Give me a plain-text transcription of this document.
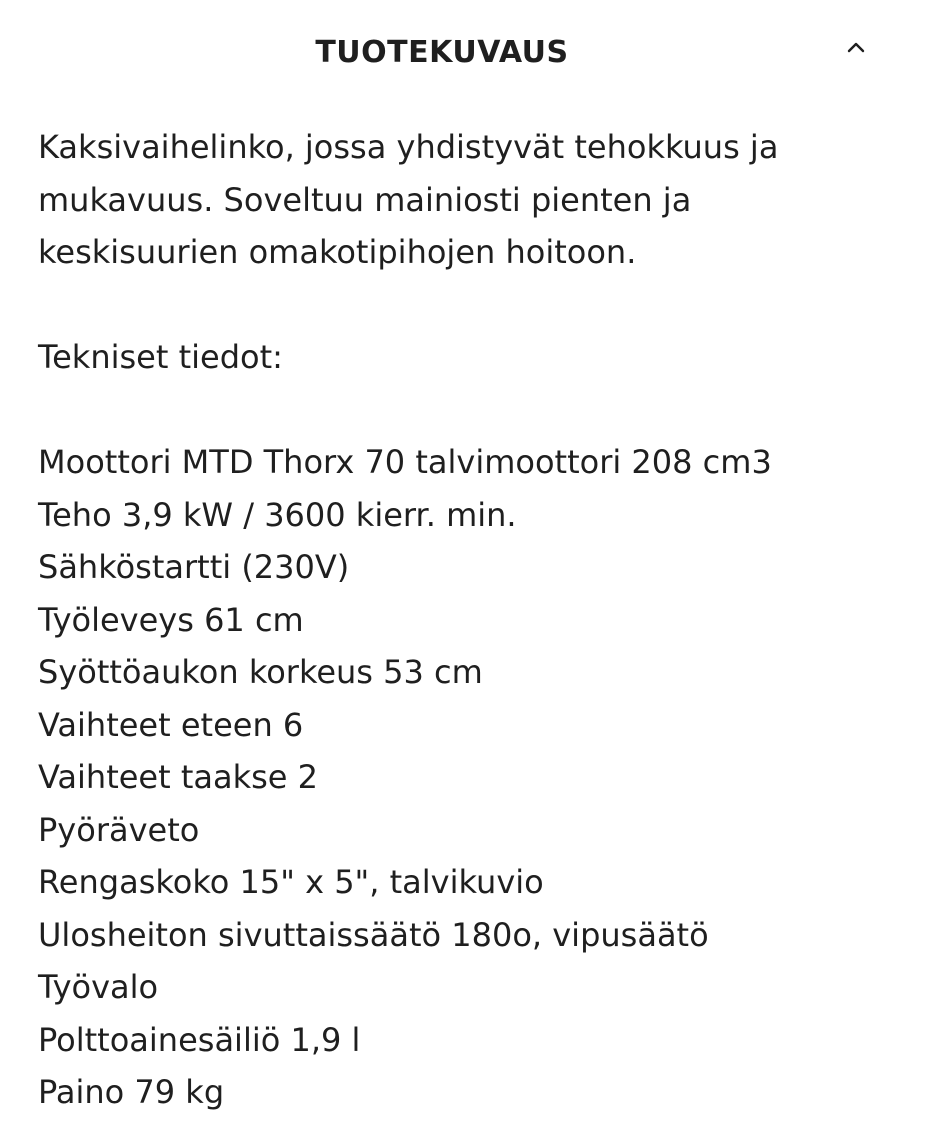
TUOTEKUVAUS

Kaksivaihelinko, jossa yhdistyvät tehokkuus ja mukavuus. Soveltuu mainiosti pienten ja keskisuurien omakotipihojen hoitoon.

Tekniset tiedot:

Moottori MTD Thorx 70 talvimoottori 208 cm3
Teho 3,9 kW / 3600 kierr. min.
Sähköstartti (230V)
Työleveys 61 cm
Syöttöaukon korkeus 53 cm
Vaihteet eteen 6
Vaihteet taakse 2
Pyöräveto
Rengaskoko 15" x 5", talvikuvio
Ulosheiton sivuttaissäätö 180o, vipusäätö
Työvalo
Polttoainesäiliö 1,9 l
Paino 79 kg
